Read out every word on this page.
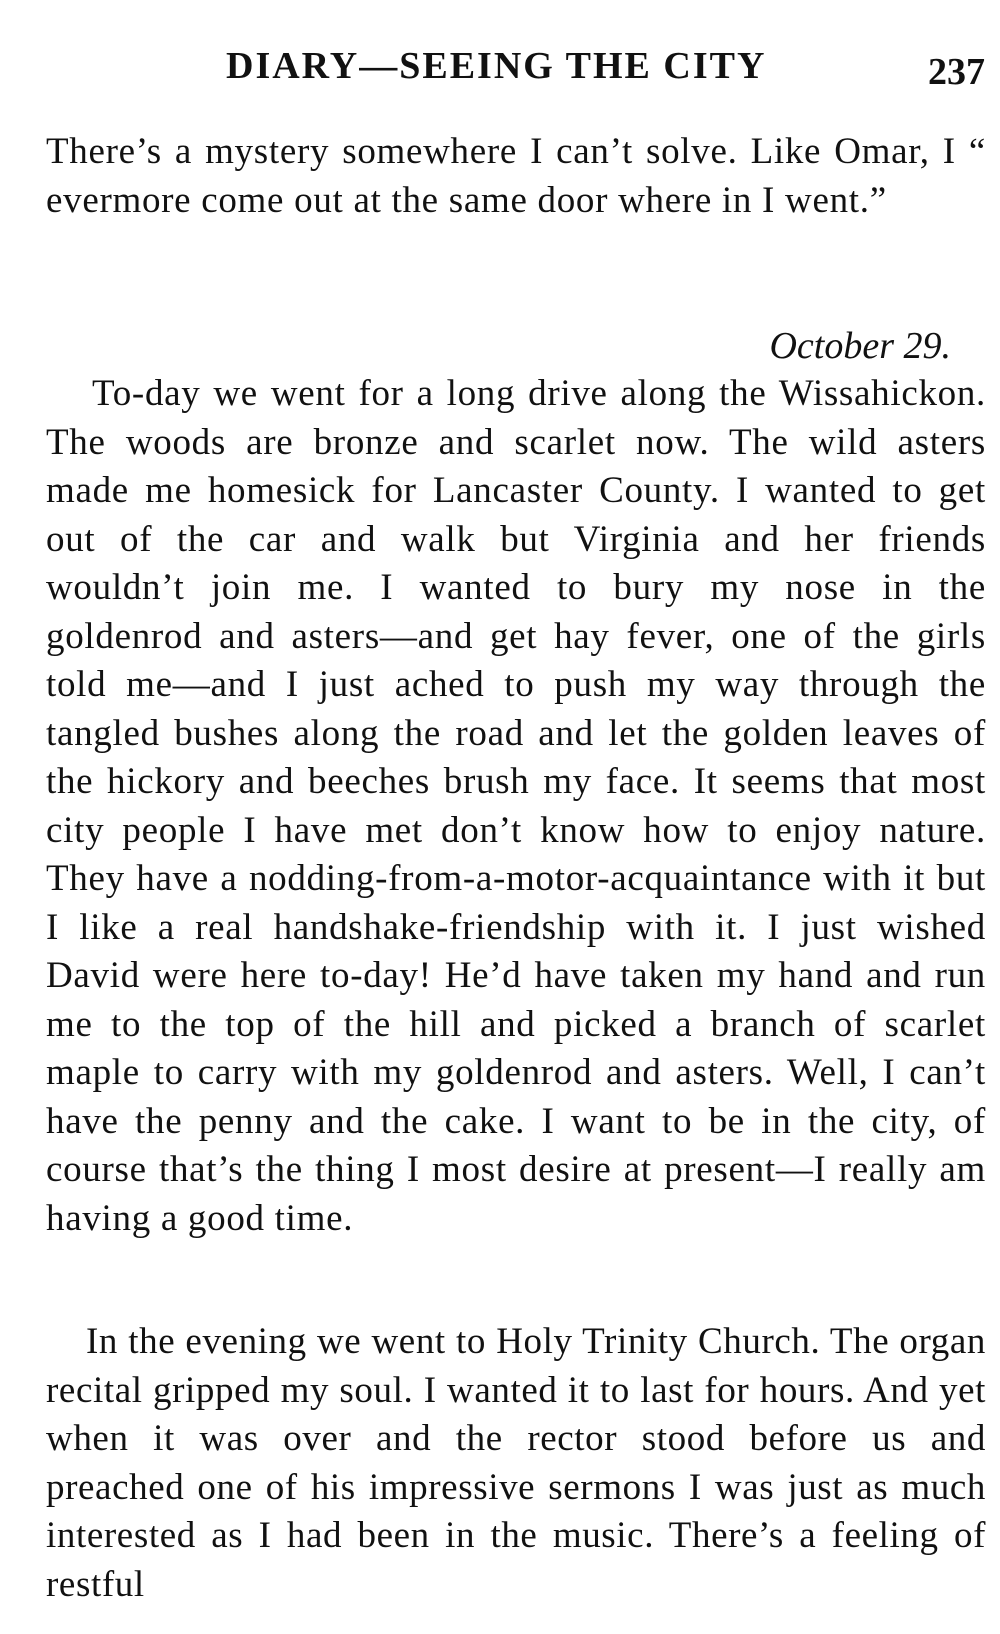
DIARY—SEEING THE CITY	237
There’s a mystery somewhere I can’t solve. Like Omar, I “ evermore come out at the same door where in I went.”
October 29.
To-day we went for a long drive along the Wissahickon. The woods are bronze and scarlet now. The wild asters made me homesick for Lancaster County. I wanted to get out of the car and walk but Virginia and her friends wouldn’t join me. I wanted to bury my nose in the goldenrod and asters—and get hay fever, one of the girls told me—and I just ached to push my way through the tangled bushes along the road and let the golden leaves of the hickory and beeches brush my face. It seems that most city people I have met don’t know how to enjoy nature. They have a nodding-from-a-motor-acquaintance with it but I like a real handshake-friendship with it. I just wished David were here to-day! He’d have taken my hand and run me to the top of the hill and picked a branch of scarlet maple to carry with my goldenrod and asters. Well, I can’t have the penny and the cake. I want to be in the city, of course that’s the thing I most desire at present—I really am having a good time.
In the evening we went to Holy Trinity Church. The organ recital gripped my soul. I wanted it to last for hours. And yet when it was over and the rector stood before us and preached one of his impressive sermons I was just as much interested as I had been in the music. There’s a feeling of restful
